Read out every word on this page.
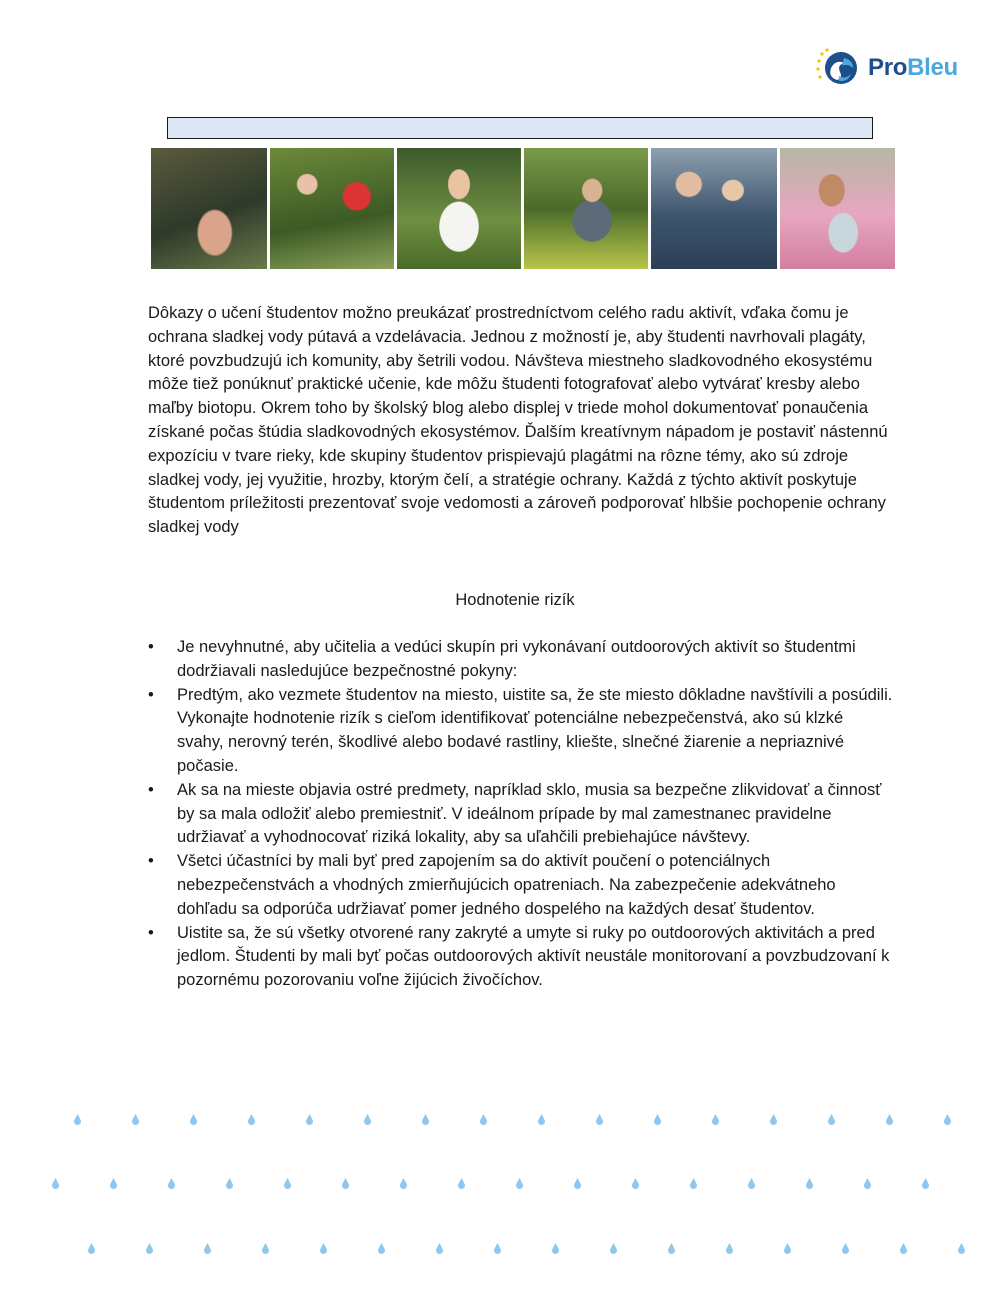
ProBleu

Dôkazy o učení študentov možno preukázať prostredníctvom celého radu aktivít, vďaka čomu je ochrana sladkej vody pútavá a vzdelávacia. Jednou z možností je, aby študenti navrhovali plagáty, ktoré povzbudzujú ich komunity, aby šetrili vodou. Návšteva miestneho sladkovodného ekosystému môže tiež ponúknuť praktické učenie, kde môžu študenti fotografovať alebo vytvárať kresby alebo maľby biotopu. Okrem toho by školský blog alebo displej v triede mohol dokumentovať ponaučenia získané počas štúdia sladkovodných ekosystémov. Ďalším kreatívnym nápadom je postaviť nástennú expozíciu v tvare rieky, kde skupiny študentov prispievajú plagátmi na rôzne témy, ako sú zdroje sladkej vody, jej využitie, hrozby, ktorým čelí, a stratégie ochrany. Každá z týchto aktivít poskytuje študentom príležitosti prezentovať svoje vedomosti a zároveň podporovať hlbšie pochopenie ochrany sladkej vody

Hodnotenie rizík
• Je nevyhnutné, aby učitelia a vedúci skupín pri vykonávaní outdoorových aktivít so študentmi dodržiavali nasledujúce bezpečnostné pokyny:
• Predtým, ako vezmete študentov na miesto, uistite sa, že ste miesto dôkladne navštívili a posúdili. Vykonajte hodnotenie rizík s cieľom identifikovať potenciálne nebezpečenstvá, ako sú klzké svahy, nerovný terén, škodlivé alebo bodavé rastliny, kliešte, slnečné žiarenie a nepriaznivé počasie.
• Ak sa na mieste objavia ostré predmety, napríklad sklo, musia sa bezpečne zlikvidovať a činnosť by sa mala odložiť alebo premiestniť. V ideálnom prípade by mal zamestnanec pravidelne udržiavať a vyhodnocovať riziká lokality, aby sa uľahčili prebiehajúce návštevy.
• Všetci účastníci by mali byť pred zapojením sa do aktivít poučení o potenciálnych nebezpečenstvách a vhodných zmierňujúcich opatreniach. Na zabezpečenie adekvátneho dohľadu sa odporúča udržiavať pomer jedného dospelého na každých desať študentov.
• Uistite sa, že sú všetky otvorené rany zakryté a umyte si ruky po outdoorových aktivitách a pred jedlom. Študenti by mali byť počas outdoorových aktivít neustále monitorovaní a povzbudzovaní k pozornému pozorovaniu voľne žijúcich živočíchov.
